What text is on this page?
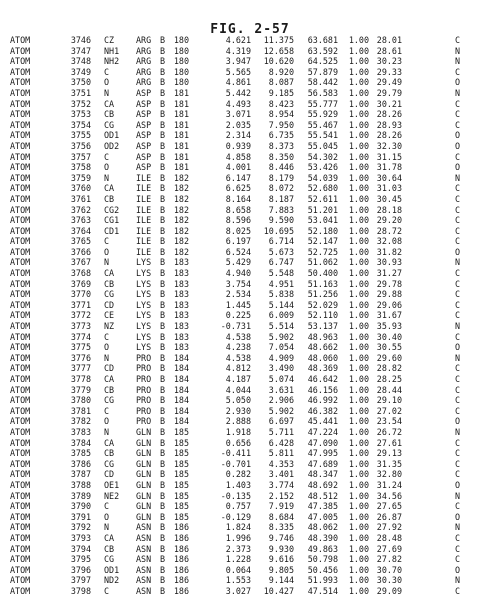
FIG. 2-57
ATOM	3746 CZ	ARG B	180	4.621	11.375	63.681	1.00 28.01	C
ATOM	3747 NH1 ARG B	180	4.319	12.658	63.592	1.00 28.61	N
ATOM	3748 NH2 ARG B	180	3.947	10.620	64.525	1.00 30.23	N
ATOM	3749 C	ARG B	180	5.565	8.920	57.879	1.00 29.33	C
ATOM	3750 O	ARG B	180	4.861	8.087	58.442	1.00 29.49	O
ATOM	3751 N	ASP B	181	5.442	9.185	56.583	1.00 29.79	N
ATOM	3752 CA	ASP B	181	4.493	8.423	55.777	1.00 30.21	C
ATOM	3753 CB	ASP B	181	3.071	8.954	55.929	1.00 28.26	C
ATOM	3754 CG	ASP B	181	2.035	7.950	55.467	1.00 28.93	C
ATOM	3755 OD1 ASP B	181	2.314	6.735	55.541	1.00 28.26	O
ATOM	3756 OD2 ASP B	181	0.939	8.373	55.045	1.00 32.30	O
ATOM	3757 C	ASP B	181	4.858	8.350	54.302	1.00 31.15	C
ATOM	3758 O	ASP B	181	4.001	8.446	53.426	1.00 31.78	O
ATOM	3759 N	ILE B	182	6.147	8.179	54.039	1.00 30.64	N
ATOM	3760 CA	ILE B	182	6.625	8.072	52.680	1.00 31.03	C
ATOM	3761 CB	ILE B	182	8.164	8.187	52.611	1.00 30.45	C
ATOM	3762 CG2 ILE B	182	8.658	7.883	51.201	1.00 28.18	C
ATOM	3763 CG1 ILE B	182	8.596	9.590	53.041	1.00 29.20	C
ATOM	3764 CD1 ILE B	182	8.025	10.695	52.180	1.00 28.72	C
ATOM	3765 C	ILE B	182	6.197	6.714	52.147	1.00 32.08	C
ATOM	3766 O	ILE B	182	6.524	5.673	52.725	1.00 31.82	O
ATOM	3767 N	LYS B	183	5.429	6.747	51.062	1.00 30.93	N
ATOM	3768 CA	LYS B	183	4.940	5.548	50.400	1.00 31.27	C
ATOM	3769 CB	LYS B	183	3.754	4.951	51.163	1.00 29.78	C
ATOM	3770 CG	LYS B	183	2.534	5.838	51.256	1.00 29.88	C
ATOM	3771 CD	LYS B	183	1.445	5.144	52.029	1.00 29.06	C
ATOM	3772 CE	LYS B	183	0.225	6.009	52.110	1.00 31.67	C
ATOM	3773 NZ	LYS B	183	-0.731	5.514	53.137	1.00 35.93	N
ATOM	3774 C	LYS B	183	4.538	5.902	48.963	1.00 30.40	C
ATOM	3775 O	LYS B	183	4.238	7.054	48.662	1.00 30.55	O
ATOM	3776 N	PRO B	184	4.538	4.909	48.060	1.00 29.60	N
ATOM	3777 CD	PRO B	184	4.812	3.490	48.369	1.00 28.82	C
ATOM	3778 CA	PRO B	184	4.187	5.074	46.642	1.00 28.25	C
ATOM	3779 CB	PRO B	184	4.044	3.631	46.156	1.00 28.44	C
ATOM	3780 CG	PRO B	184	5.050	2.906	46.992	1.00 29.10	C
ATOM	3781 C	PRO B	184	2.930	5.902	46.382	1.00 27.02	C
ATOM	3782 O	PRO B	184	2.888	6.697	45.441	1.00 23.54	O
ATOM	3783 N	GLN B	185	1.918	5.711	47.224	1.00 26.72	N
ATOM	3784 CA	GLN B	185	0.656	6.428	47.090	1.00 27.61	C
ATOM	3785 CB	GLN B	185	-0.411	5.811	47.995	1.00 29.13	C
ATOM	3786 CG	GLN B	185	-0.701	4.353	47.689	1.00 31.35	C
ATOM	3787 CD	GLN B	185	0.282	3.401	48.347	1.00 32.80	C
ATOM	3788 OE1 GLN B	185	1.403	3.774	48.692	1.00 31.24	O
ATOM	3789 NE2 GLN B	185	-0.135	2.152	48.512	1.00 34.56	N
ATOM	3790 C	GLN B	185	0.757	7.919	47.385	1.00 27.65	C
ATOM	3791 O	GLN B	185	-0.129	8.684	47.005	1.00 26.87	O
ATOM	3792 N	ASN B	186	1.824	8.335	48.062	1.00 27.92	N
ATOM	3793 CA	ASN B	186	1.996	9.746	48.390	1.00 28.48	C
ATOM	3794 CB	ASN B	186	2.373	9.930	49.863	1.00 27.69	C
ATOM	3795 CG	ASN B	186	1.228	9.616	50.798	1.00 27.82	C
ATOM	3796 OD1 ASN B	186	0.064	9.805	50.456	1.00 30.70	O
ATOM	3797 ND2 ASN B	186	1.553	9.144	51.993	1.00 30.30	N
ATOM	3798 C	ASN B	186	3.027	10.427	47.514	1.00 29.09	C
